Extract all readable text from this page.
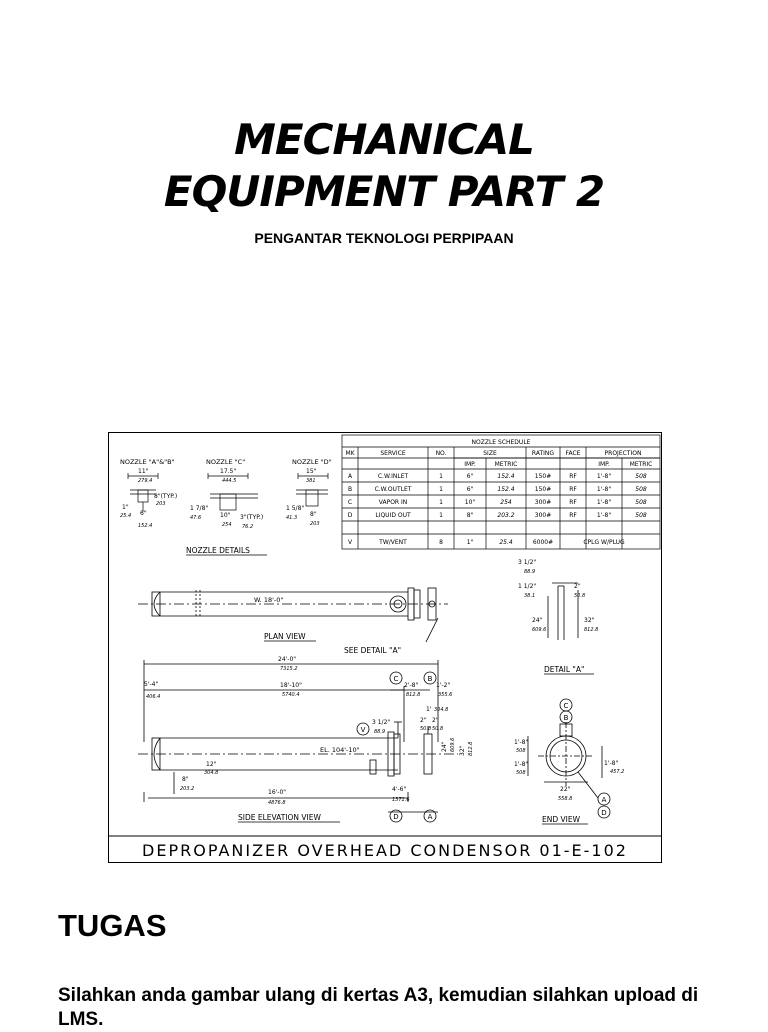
MECHANICAL
EQUIPMENT PART 2
PENGANTAR TEKNOLOGI PERPIPAAN
NOZZLE "A"&"B"	NOZZLE "C"	NOZZLE "D"
11"
279.4
8"(TYP.)
203
1"
25.4 6"
152.4
17.5"
444.5
1 7/8"
47.6	10"
254
3"(TYP.)
76.2
15"
381
1 5/8"
41.3 8"
203
NOZZLE DETAILS
NOZZLE SCHEDULE
MK	SERVICE	NO.	SIZE	RATING FACE	PROJECTION
IMP.	METRIC	IMP.	METRIC
A	C.W.INLET	1	6"	152.4	150#	RF	1'-8"	508
B	C.W.OUTLET	1	6"	152.4	150#	RF	1'-8"	508
C	VAPOR IN	1	10"	254	300#	RF	1'-8"	508
D	LIQUID OUT	1	8"	203.2	300#	RF	1'-8"	508
V	TW/VENT	8	1"	25.4	6000#	CPLG W/PLUG
W. 18'-0"
PLAN VIEW
SEE DETAIL "A"
3 1/2"
88.9
1 1/2"
38.1
2"
50.8
24"
609.6
32"
812.8
DETAIL "A"
C	B
V
D	A
C
B
A
D
24'-0"
7315.2
18'-10"
5740.4
5'-4"
406.4
2'-8"
812.8
1'-2"
355.6
1' 304.8
2"
50.8
3 1/2"
88.9
2"
50.8
24" 609.6 32" 812.8
12"
304.8
8"
203.2	16'-0"
4876.8
4'-6"
1371.6
EL. 104'-10"
SIDE ELEVATION VIEW
1'-8"
508
1'-8"
508
1'-8"
457.2
22"
558.8
END VIEW
DEPROPANIZER OVERHEAD CONDENSOR 01-E-102
TUGAS
Silahkan anda gambar ulang di kertas A3, kemudian silahkan upload di LMS.
